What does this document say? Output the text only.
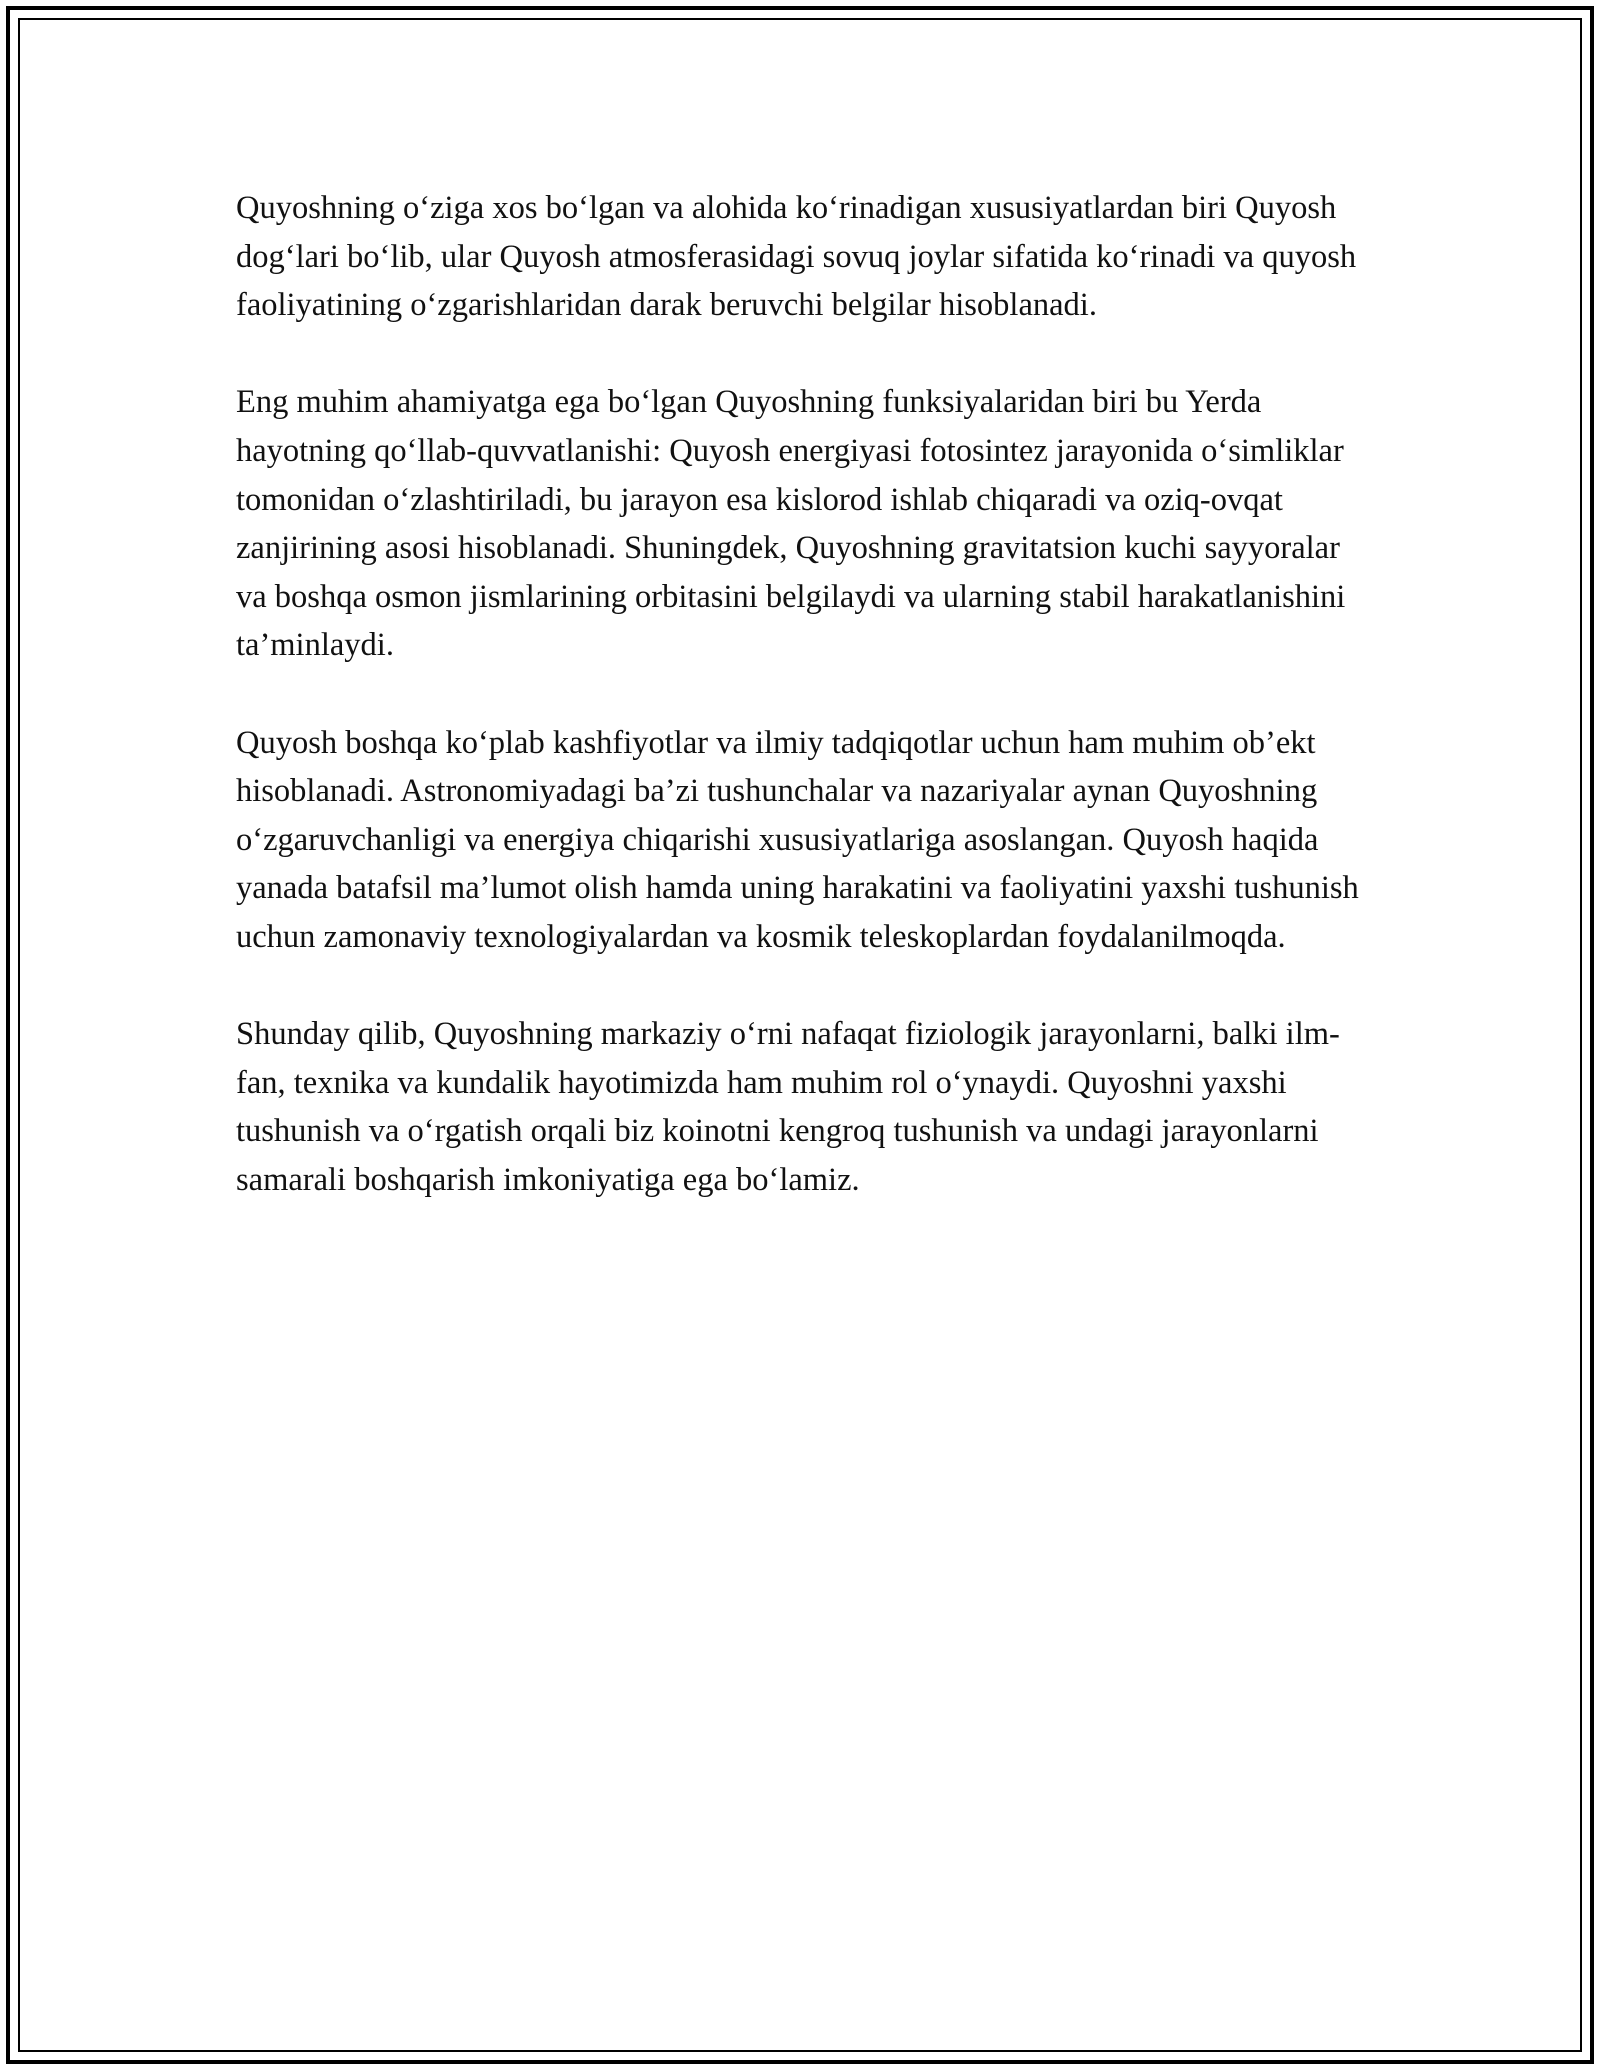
Quyoshning o‘ziga xos bo‘lgan va alohida ko‘rinadigan xususiyatlardan biri Quyosh dog‘lari bo‘lib, ular Quyosh atmosferasidagi sovuq joylar sifatida ko‘rinadi va quyosh faoliyatining o‘zgarishlaridan darak beruvchi belgilar hisoblanadi.

Eng muhim ahamiyatga ega bo‘lgan Quyoshning funksiyalaridan biri bu Yerda hayotning qo‘llab-quvvatlanishi: Quyosh energiyasi fotosintez jarayonida o‘simliklar tomonidan o‘zlashtiriladi, bu jarayon esa kislorod ishlab chiqaradi va oziq-ovqat zanjirining asosi hisoblanadi. Shuningdek, Quyoshning gravitatsion kuchi sayyoralar va boshqa osmon jismlarining orbitasini belgilaydi va ularning stabil harakatlanishini ta’minlaydi.

Quyosh boshqa ko‘plab kashfiyotlar va ilmiy tadqiqotlar uchun ham muhim ob’ekt hisoblanadi. Astronomiyadagi ba’zi tushunchalar va nazariyalar aynan Quyoshning o‘zgaruvchanligi va energiya chiqarishi xususiyatlariga asoslangan. Quyosh haqida yanada batafsil ma’lumot olish hamda uning harakatini va faoliyatini yaxshi tushunish uchun zamonaviy texnologiyalardan va kosmik teleskoplardan foydalanilmoqda.

Shunday qilib, Quyoshning markaziy o‘rni nafaqat fiziologik jarayonlarni, balki ilm-fan, texnika va kundalik hayotimizda ham muhim rol o‘ynaydi. Quyoshni yaxshi tushunish va o‘rgatish orqali biz koinotni kengroq tushunish va undagi jarayonlarni samarali boshqarish imkoniyatiga ega bo‘lamiz.
